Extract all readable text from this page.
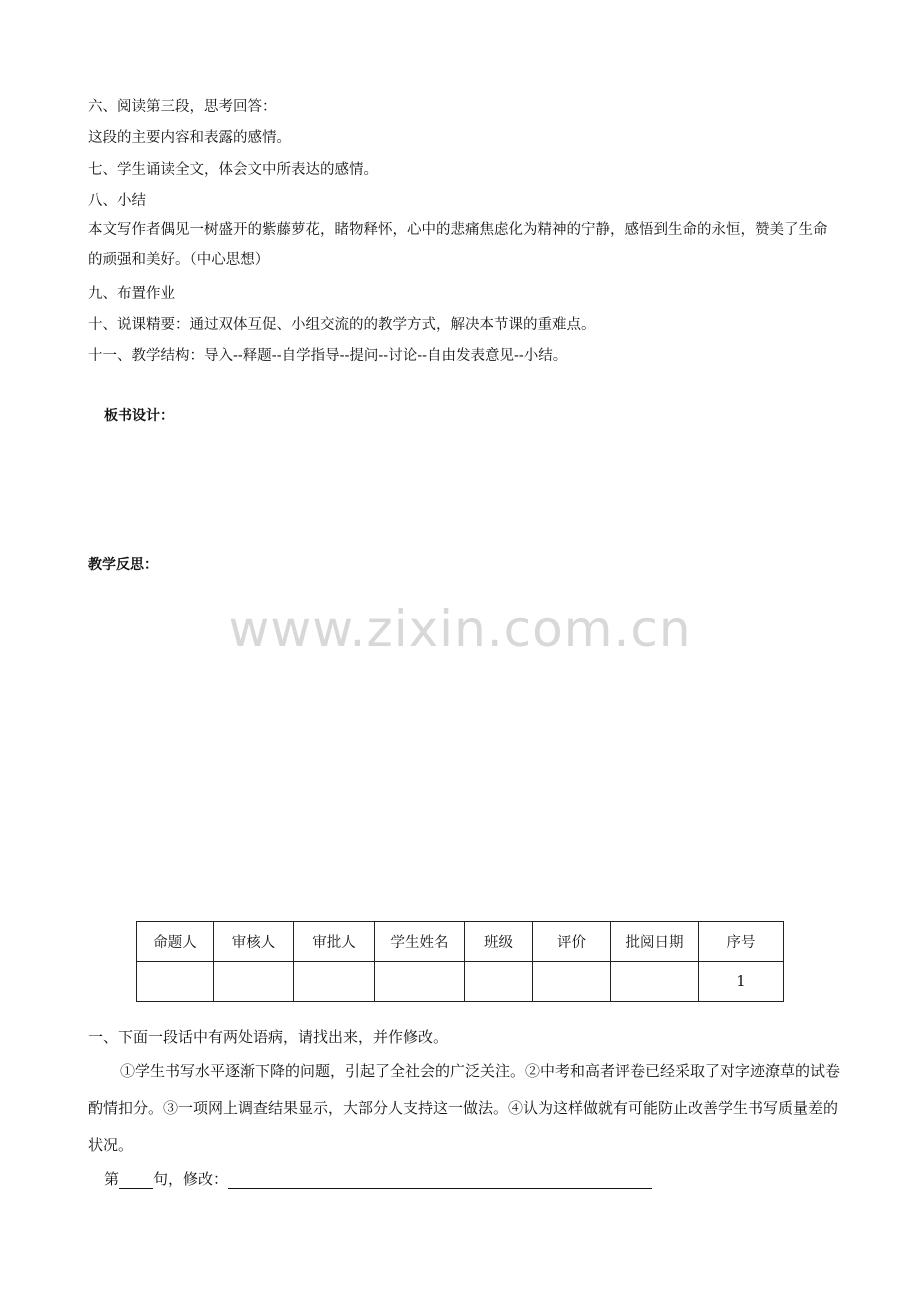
六、阅读第三段，思考回答：
这段的主要内容和表露的感情。
七、学生诵读全文，体会文中所表达的感情。
八、小结
本文写作者偶见一树盛开的紫藤萝花，睹物释怀，心中的悲痛焦虑化为精神的宁静，感悟到生命的永恒，赞美了生命的顽强和美好。（中心思想）
九、布置作业
十、说课精要：通过双体互促、小组交流的的教学方式，解决本节课的重难点。
十一、教学结构：导入--释题--自学指导--提问--讨论--自由发表意见--小结。
板书设计：
教学反思：
www.zixin.com.cn
命题人	审核人	审批人	学生姓名	班级	评价	批阅日期	序号
							1
一、下面一段话中有两处语病，请找出来，并作修改。
①学生书写水平逐渐下降的问题，引起了全社会的广泛关注。②中考和高者评卷已经采取了对字迹潦草的试卷酌情扣分。③一项网上调查结果显示，大部分人支持这一做法。④认为这样做就有可能防止改善学生书写质量差的状况。
第 句，修改：
